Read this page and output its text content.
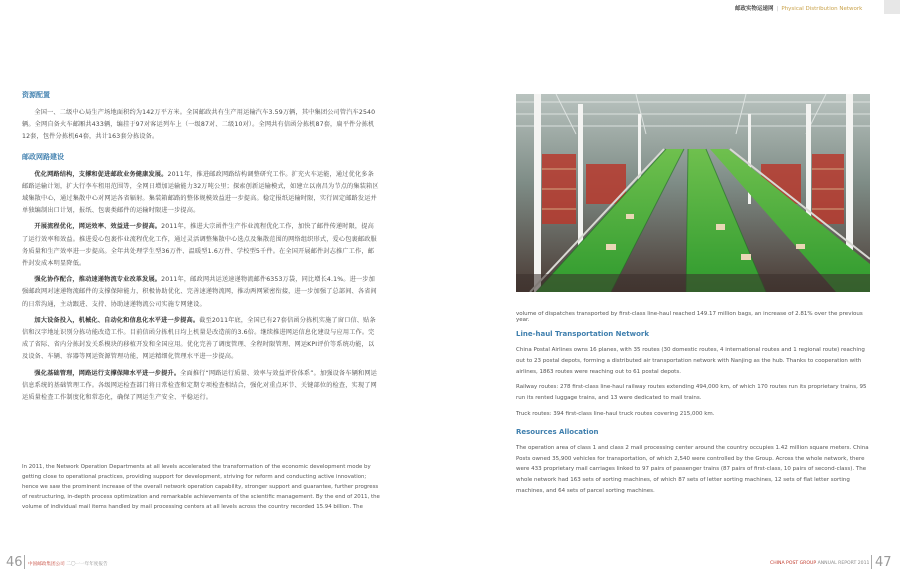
邮政实物运递网 | Physical Distribution Network
资源配置

全国一、二级中心局生产场地面积约为142万平方米。全国邮政共有生产用运输汽车3.59万辆，其中集团公司管汽车2540辆。全网自备火车邮厢共433辆，编挂于97对客运列车上（一级87对、二级10对）。全网共有信函分拣机87套，扁平件分拣机12套，包件分拣机64套，共计163套分拣设备。

邮政网路建设

优化网路结构，支撑和促进邮政业务健康发展。2011年，推进邮政网路结构调整研究工作。扩充火车运能，通过优化多条邮路运输计划，扩大行李车租用范围等，全网日增加运输能力32万吨公里；探索创新运输模式，如建立以南昌为节点的集装箱区域集散中心，通过集散中心对网运各省辐射。集装箱邮路的整体规模效益进一步提高。稳定报纸运输时限，实行固定邮路发运并单独编制出口计划，报纸、包裹类邮件的运输时限进一步提高。

开展流程优化，网运效率、效益进一步提高。2011年，推进大宗函件生产作业流程优化工作，加快了邮件传递时限，提高了运行效率和效益。推进爱心包裹作业流程优化工作，通过灵活调整集散中心选点及集散范围的网络组织形式，爱心包裹邮政服务质量和生产效率进一步提高。全年共处理学生型36万件、温暖型1.6万件、学校型5千件。在全国开展邮件封志推广工作，邮件封发成本明显降低。

强化协作配合，推动速递物流专业改革发展。2011年，邮政网共运送速递物流邮件6353万袋，同比增长4.1%。进一步加强邮政网对速递物流邮件的支撑保障能力，积极协助优化、完善速递物流网，推动两网紧密衔接，进一步加强了总部间、各省间的日常沟通，主动跟进、支持、协助速递物流公司实施专网建设。

加大设备投入，机械化、自动化和信息化水平进一步提高。截至2011年底，全国已有27套信函分拣机实施了窗口信、贴条信和汉字地址识别分拣功能改造工作。目前信函分拣机日均上机量是改造前的3.6倍。继续推进网运信息化建设与应用工作。完成了省际、省内分拣封发关系模块的移植开发和全国应用。优化完善了调度管理、全程时限管理、网运KPI评价等系统功能，以及设备、车辆、容器等网运资源管理功能，网运精细化管理水平进一步提高。

强化基础管理，网路运行支撑保障水平进一步提升。全面推行“网路运行质量、效率与效益评价体系”。加强设备车辆和网运信息系统的基础管理工作。各级网运检查部门将日常检查和定期专项检查相结合，强化对重点环节、关键部位的检查，实现了网运质量检查工作制度化和常态化，确保了网运生产安全、平稳运行。

In 2011, the Network Operation Departments at all levels accelerated the transformation of the economic development mode by getting close to operational practices, providing support for development, striving for reform and conducting active innovation; hence we saw the prominent increase of the overall network operation capability, stronger support and guarantee, further progress of restructuring, in-depth process optimization and remarkable achievements of the scientific management. By the end of 2011, the volume of individual mail items handled by mail processing centers at all levels across the country recorded 15.94 billion. The

volume of dispatches transported by first-class line-haul reached 149.17 million bags, an increase of 2.81% over the previous year.

Line-haul Transportation Network

China Postal Airlines owns 16 planes, with 35 routes (30 domestic routes, 4 international routes and 1 regional route) reaching out to 23 postal depots, forming a distributed air transportation network with Nanjing as the hub. Thanks to cooperation with airlines, 1863 routes were reaching out to 61 postal depots.

Railway routes: 278 first-class line-haul railway routes extending 494,000 km, of which 170 routes run its proprietary trains, 95 run its rented luggage trains, and 13 were dedicated to mail trains.

Truck routes: 394 first-class line-haul truck routes covering 215,000 km.

Resources Allocation

The operation area of class 1 and class 2 mail processing center around the country occupies 1.42 million square meters. China Posts owned 35,900 vehicles for transportation, of which 2,540 were controlled by the Group. Across the whole network, there were 433 proprietary mail carriages linked to 97 pairs of passenger trains (87 pairs of first-class, 10 pairs of second-class). The whole network had 163 sets of sorting machines, of which 87 sets of letter sorting machines, 12 sets of flat letter sorting machines, and 64 sets of parcel sorting machines.

46 中国邮政集团公司 二〇一一年年度报告	CHINA POST GROUP ANNUAL REPORT 2011 47
